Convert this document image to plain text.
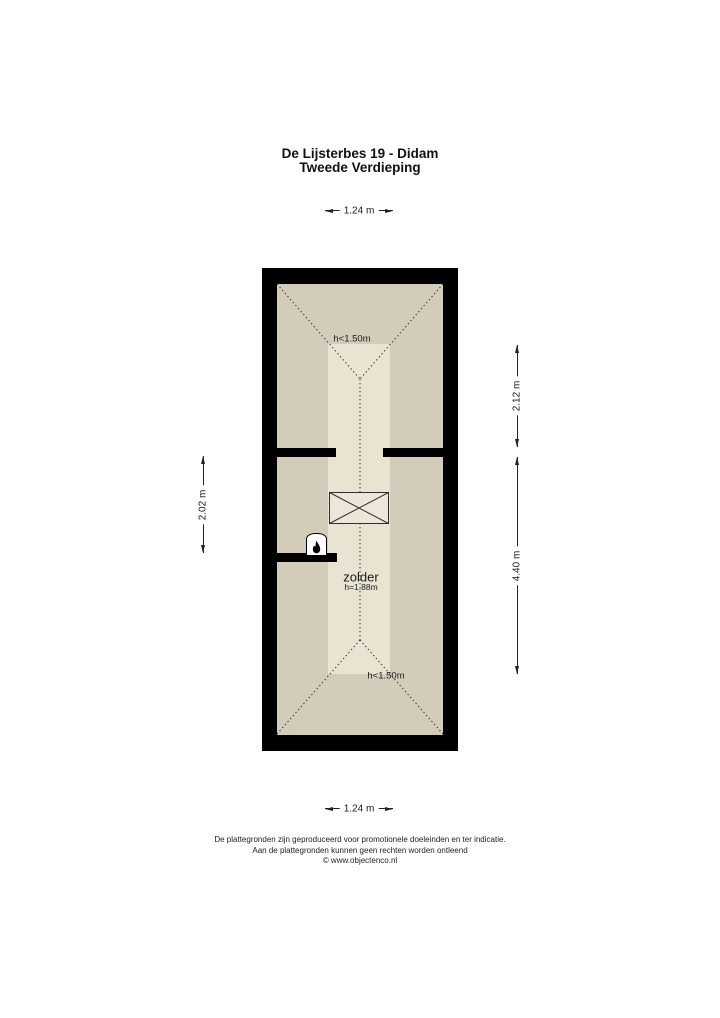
De Lijsterbes 19 - Didam
Tweede Verdieping
1.24 m
h<1.50m
zolder
h=1.88m
h<1.50m
2.12 m
4.40 m
2.02 m
1.24 m
De plattegronden zijn geproduceerd voor promotionele doeleinden en ter indicatie.
Aan de plattegronden kunnen geen rechten worden ontleend
© www.objectenco.nl
